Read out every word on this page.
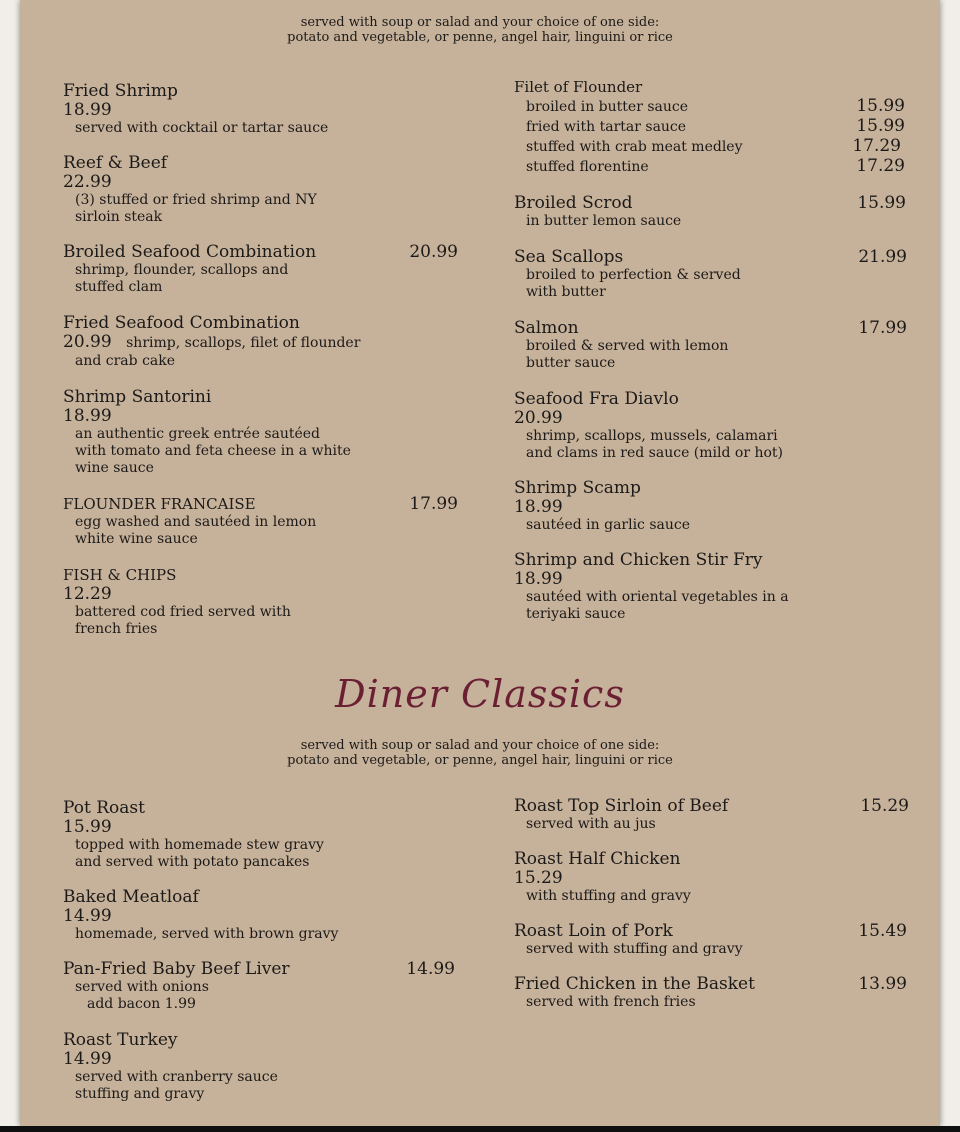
served with soup or salad and your choice of one side:
potato and vegetable, or penne, angel hair, linguini or rice
Fried Shrimp
18.99
served with cocktail or tartar sauce
Reef & Beef
22.99
(3) stuffed or fried shrimp and NY
sirloin steak
Broiled Seafood Combination	20.99
shrimp, flounder, scallops and
stuffed clam
Fried Seafood Combination
20.99 shrimp, scallops, filet of flounder
and crab cake
Shrimp Santorini
18.99
an authentic greek entrée sautéed
with tomato and feta cheese in a white
wine sauce
FLOUNDER FRANCAISE	17.99
egg washed and sautéed in lemon
white wine sauce
FISH & CHIPS
12.29
battered cod fried served with
french fries
Filet of Flounder
broiled in butter sauce	15.99
fried with tartar sauce	15.99
stuffed with crab meat medley	17.29
stuffed florentine	17.29
Broiled Scrod	15.99
in butter lemon sauce
Sea Scallops	21.99
broiled to perfection & served
with butter
Salmon	17.99
broiled & served with lemon
butter sauce
Seafood Fra Diavlo
20.99
shrimp, scallops, mussels, calamari
and clams in red sauce (mild or hot)
Shrimp Scamp
18.99
sautéed in garlic sauce
Shrimp and Chicken Stir Fry
18.99
sautéed with oriental vegetables in a
teriyaki sauce
Diner Classics
served with soup or salad and your choice of one side:
potato and vegetable, or penne, angel hair, linguini or rice
Pot Roast
15.99
topped with homemade stew gravy
and served with potato pancakes
Baked Meatloaf
14.99
homemade, served with brown gravy
Pan-Fried Baby Beef Liver	14.99
served with onions
add bacon 1.99
Roast Turkey
14.99
served with cranberry sauce
stuffing and gravy
Roast Top Sirloin of Beef	15.29
served with au jus
Roast Half Chicken
15.29
with stuffing and gravy
Roast Loin of Pork	15.49
served with stuffing and gravy
Fried Chicken in the Basket	13.99
served with french fries
